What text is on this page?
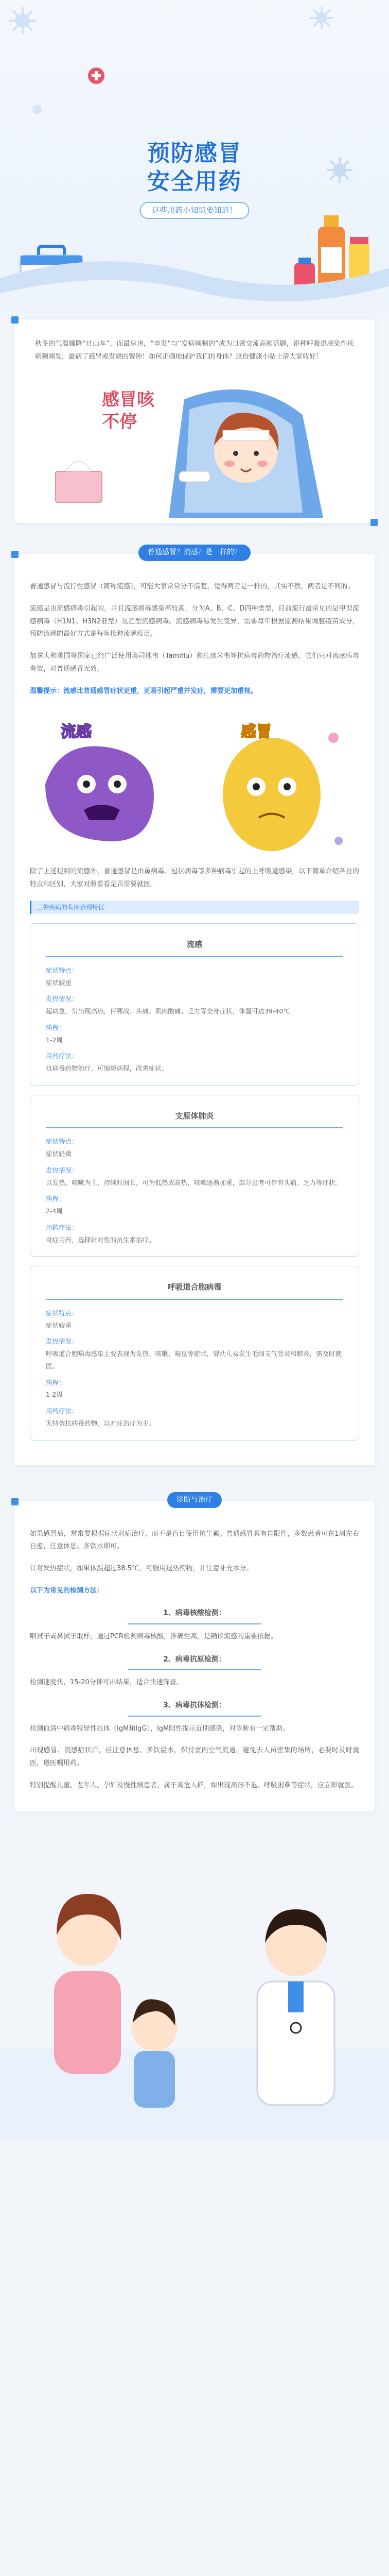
预防感冒
安全用药
这些用药小知识要知道！
秋冬的气温骤降“过山车”，而最忌讳，“卒发”与“发病频频的”成为日常交流高频话题，哥种呼吸道感染性疾病频频发，最病了感冒或发烧的警钟！如何正确地保护我们的身体？这份健康小贴士请大家收好！
感冒咳不停
普通感冒？流感？是一样的？

普通感冒与流行性感冒（简称流感），可能大家常常分不清楚，觉得两者是一样的，其实不然，两者是不同的。

流感是由流感病毒引起的，并且流感病毒感染率较高，分为A、B、C、D四种类型，目前流行最常见的是甲型流感病毒（H1N1、H3N2亚型）及乙型流感病毒。流感病毒易发生变异，需要每年根据监测结果调整疫苗成分，预防流感的最好方式是每年接种流感疫苗。

加拿大和美国等国家已经广泛使用奥司他韦（Tamiflu）和扎那米韦等抗病毒药物治疗流感，它们只对流感病毒有效，对普通感冒无效。

温馨提示：流感比普通感冒症状更重，更易引起严重并发症，需要更加重视。

流感	感冒

除了上述提到的流感外，普通感冒是由鼻病毒、冠状病毒等多种病毒引起的上呼吸道感染，以下简单介绍各自的特点和区别，大家对照看看是否需要就医。

三种疾病的临床表现特征
流感
症状特点：
症状较重
发热情况：
起病急，常出现高热，伴寒战、头痛、肌肉酸痛、乏力等全身症状，体温可达39-40℃
病程：
1-2周
用药疗法：
抗病毒药物治疗，可缩短病程，改善症状。
支原体肺炎
症状特点：
症状轻微
发热情况：
以发热、咳嗽为主，持续时间长，可为低热或高热，咳嗽逐渐加重，部分患者可伴有头痛、乏力等症状。
病程：
2-4周
用药疗法：
对症用药，选择针对性的抗生素治疗。
呼吸道合胞病毒
症状特点：
症状较重
发热情况：
呼吸道合胞病毒感染主要表现为发热、咳嗽、喘息等症状，婴幼儿易发生毛细支气管炎和肺炎，需及时就医。
病程：
1-2周
用药疗法：
无特效抗病毒药物，以对症治疗为主。
诊断与治疗

如果感冒后，常常要根据症状对症治疗，而不是盲目使用抗生素。普通感冒具有自限性，多数患者可在1周左右自愈，注意休息、多饮水即可。

针对发热症状，如果体温超过38.5℃，可服用退热药物，并注意补充水分。

以下为常见的检测方法：

1、病毒核酸检测：

咽拭子或鼻拭子取样，通过PCR检测病毒核酸，准确性高，是确诊流感的重要依据。

2、病毒抗原检测：

检测速度快，15-20分钟可出结果，适合快速筛查。

3、病毒抗体检测：

检测血清中病毒特异性抗体（IgM和IgG），IgM阳性提示近期感染，对诊断有一定帮助。

出现感冒、流感症状后，应注意休息，多饮温水，保持室内空气流通，避免去人员密集的场所，必要时及时就医，遵医嘱用药。

特别提醒儿童、老年人、孕妇及慢性病患者，属于高危人群，如出现高热不退、呼吸困难等症状，应立即就医。
